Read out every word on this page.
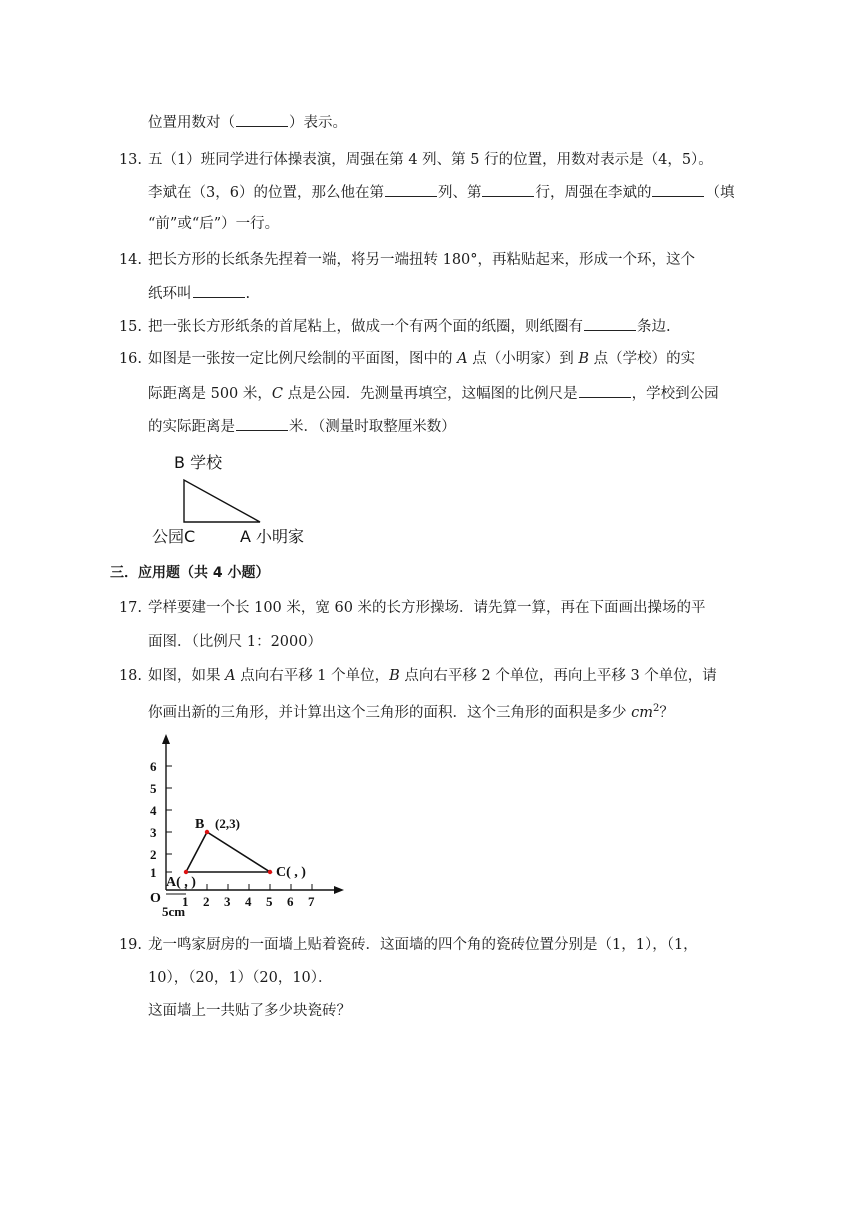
位置用数对（	）表示。
13. 五（1）班同学进行体操表演，周强在第 4 列、第 5 行的位置，用数对表示是（4，5）。
李斌在（3，6）的位置，那么他在第	列、第	行，周强在李斌的	（填
“前”或“后”）一行。
14. 把长方形的长纸条先捏着一端，将另一端扭转 180°，再粘贴起来，形成一个环，这个
纸环叫	.
15. 把一张长方形纸条的首尾粘上，做成一个有两个面的纸圈，则纸圈有	条边.
16. 如图是一张按一定比例尺绘制的平面图，图中的 A 点（小明家）到 B 点（学校）的实
际距离是 500 米，C 点是公园．先测量再填空，这幅图的比例尺是	，学校到公园
的实际距离是	米．（测量时取整厘米数）
B 学校
公园C	A 小明家
三．应用题（共 4 小题）
17. 学样要建一个长 100 米，宽 60 米的长方形操场．请先算一算，再在下面画出操场的平
面图．（比例尺 1：2000）
18. 如图，如果 A 点向右平移 1 个单位，B 点向右平移 2 个单位，再向上平移 3 个单位，请
你画出新的三角形，并计算出这个三角形的面积．这个三角形的面积是多少 $cm^2$？
6
5
4
3
2
1
1 2 3 4 5 6 7
O
B (2,3)
A( , )
C( , )
5cm
19. 龙一鸣家厨房的一面墙上贴着瓷砖．这面墙的四个角的瓷砖位置分别是（1，1），（1，
10），（20，1）（20，10）．
这面墙上一共贴了多少块瓷砖？
